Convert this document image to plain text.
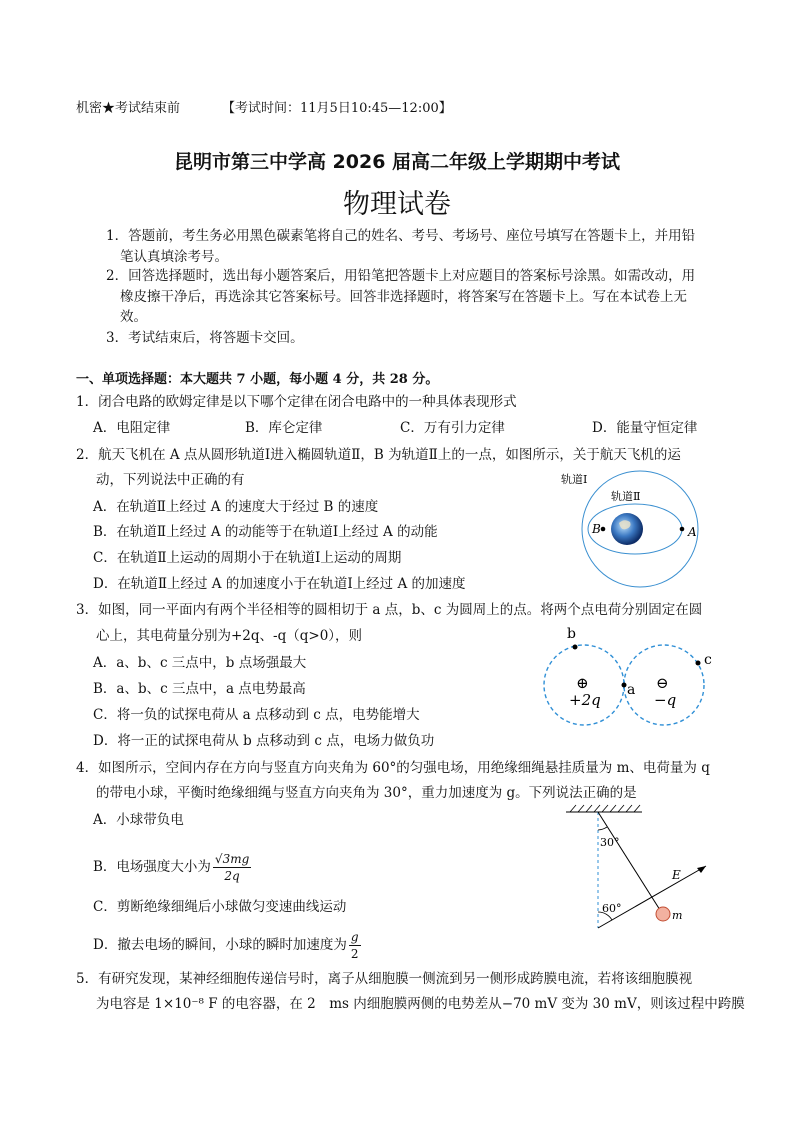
机密★考试结束前	【考试时间：11月5日10:45—12:00】
昆明市第三中学高 2026 届高二年级上学期期中考试
物理试卷
1．答题前，考生务必用黑色碳素笔将自己的姓名、考号、考场号、座位号填写在答题卡上，并用铅
笔认真填涂考号。
2．回答选择题时，选出每小题答案后，用铅笔把答题卡上对应题目的答案标号涂黑。如需改动，用
橡皮擦干净后，再选涂其它答案标号。回答非选择题时，将答案写在答题卡上。写在本试卷上无
效。
3．考试结束后，将答题卡交回。
一、单项选择题：本大题共 7 小题，每小题 4 分，共 28 分。
1．闭合电路的欧姆定律是以下哪个定律在闭合电路中的一种具体表现形式
A．电阻定律	B．库仑定律	C．万有引力定律	D．能量守恒定律
2．航天飞机在 A 点从圆形轨道Ⅰ进入椭圆轨道Ⅱ，B 为轨道Ⅱ上的一点，如图所示，关于航天飞机的运
动，下列说法中正确的有
A．在轨道Ⅱ上经过 A 的速度大于经过 B 的速度
B．在轨道Ⅱ上经过 A 的动能等于在轨道Ⅰ上经过 A 的动能
C．在轨道Ⅱ上运动的周期小于在轨道Ⅰ上运动的周期
D．在轨道Ⅱ上经过 A 的加速度小于在轨道Ⅰ上经过 A 的加速度
轨道Ⅰ
轨道Ⅱ
B	A
3．如图，同一平面内有两个半径相等的圆相切于 a 点，b、c 为圆周上的点。将两个点电荷分别固定在圆
心上，其电荷量分别为+2q、-q（q>0），则
A．a、b、c 三点中，b 点场强最大
B．a、b、c 三点中，a 点电势最高
C．将一负的试探电荷从 a 点移动到 c 点，电势能增大
D．将一正的试探电荷从 b 点移动到 c 点，电场力做负功
b
c
a
⊕	⊖
+2q	−q
4．如图所示，空间内存在方向与竖直方向夹角为 60°的匀强电场，用绝缘细绳悬挂质量为 m、电荷量为 q
的带电小球，平衡时绝缘细绳与竖直方向夹角为 30°，重力加速度为 g。下列说法正确的是
A．小球带负电
B．电场强度大小为 $\frac{√3mg}{2q}$
C．剪断绝缘细绳后小球做匀变速曲线运动
D．撤去电场的瞬间，小球的瞬时加速度为 $\frac{g}{2}$
30°
60°
E
m
5．有研究发现，某神经细胞传递信号时，离子从细胞膜一侧流到另一侧形成跨膜电流，若将该细胞膜视
为电容是 1×10⁻⁸ F 的电容器，在 2　ms 内细胞膜两侧的电势差从−70 mV 变为 30 mV，则该过程中跨膜
